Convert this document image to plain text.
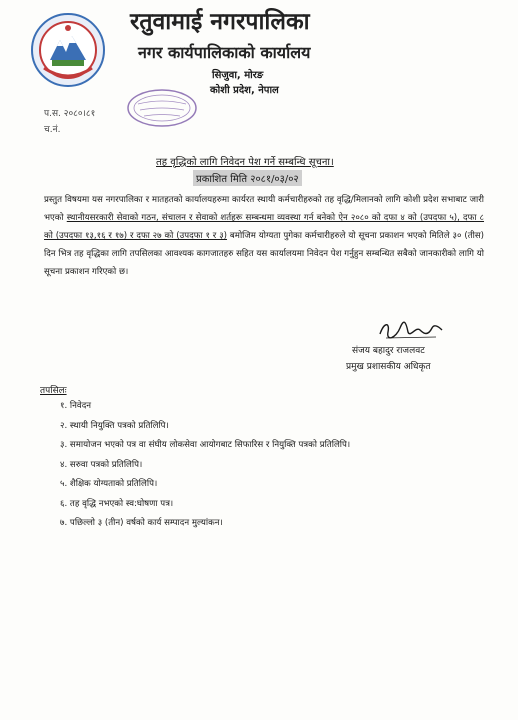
रतुवामाई नगरपालिका
नगर कार्यपालिकाको कार्यालय
सिजुवा, मोरङ
कोशी प्रदेश, नेपाल
प.स. २०८०।८१
च.नं.
तह वृद्धिको लागि निवेदन पेश गर्ने सम्बन्धि सूचना।
प्रकाशित मिति २०८१/०३/०२
प्रस्तुत विषयमा यस नगरपालिका र मातहतको कार्यालयहरुमा कार्यरत स्थायी कर्मचारीहरुको तह वृद्धि/मिलानको लागि कोशी प्रदेश सभाबाट जारी भएको स्थानीयसरकारी सेवाको गठन, संचालन र सेवाको शर्तहरू सम्बन्धमा व्यवस्था गर्न बनेको ऐन २०८० को दफा ४ को (उपदफा ५), दफा ८ को (उपदफा १३,१६ र १७) र दफा २७ को (उपदफा १ र ३) बमोजिम योग्यता पुगेका कर्मचारीहरुले यो सूचना प्रकाशन भएको मितिले ३० (तीस) दिन भित्र तह वृद्धिका लागि तपसिलका आवश्यक कागजातहरु सहित यस कार्यालयमा निवेदन पेश गर्नुहुन सम्बन्धित सबैको जानकारीको लागि यो सूचना प्रकाशन गरिएको छ।
संजय बहादुर राजलवट
प्रमुख प्रशासकीय अधिकृत
तपसिलः
१. निवेदन
२. स्थायी नियुक्ति पत्रको प्रतिलिपि।
३. समायोजन भएको पत्र वा संघीय लोकसेवा आयोगबाट सिफारिस र नियुक्ति पत्रको प्रतिलिपि।
४. सरुवा पत्रको प्रतिलिपि।
५. शैक्षिक योग्यताको प्रतिलिपि।
६. तह वृद्धि नभएको स्व:घोषणा पत्र।
७. पछिल्लो ३ (तीन) वर्षको कार्य सम्पादन मुल्यांकन।
